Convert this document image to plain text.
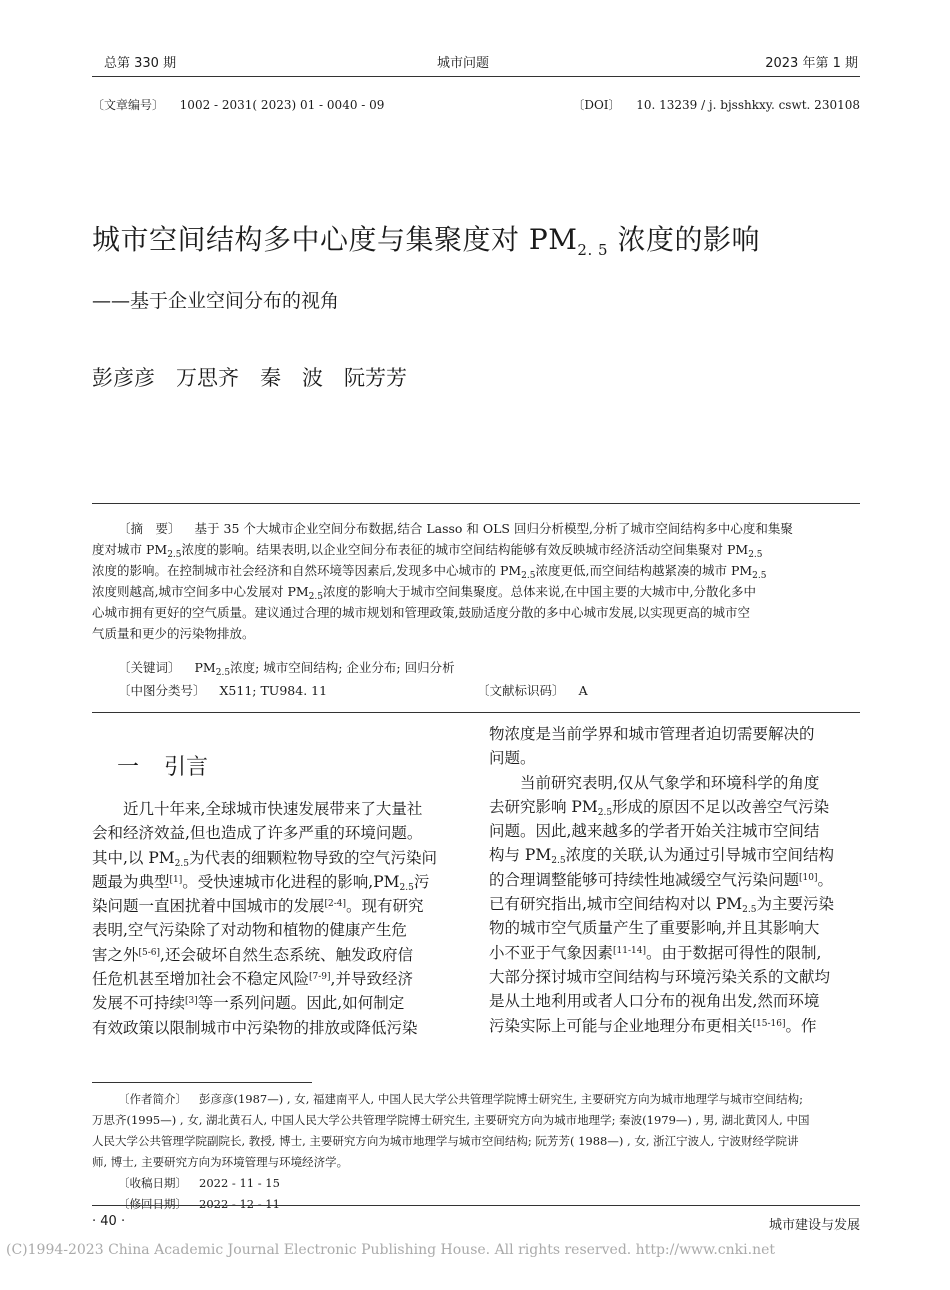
总第 330 期	城市问题	2023 年第 1 期
〔文章编号〕 1002 - 2031( 2023) 01 - 0040 - 09	〔DOI〕 10. 13239 / j. bjsshkxy. cswt. 230108
城市空间结构多中心度与集聚度对 $PM_{2. 5}$ 浓度的影响
——基于企业空间分布的视角
彭彦彦　万思齐　秦　波　阮芳芳
〔摘　要〕 基于 35 个大城市企业空间分布数据,结合 Lasso 和 OLS 回归分析模型,分析了城市空间结构多中心度和集聚
度对城市 $PM_{2.5}$浓度的影响。结果表明,以企业空间分布表征的城市空间结构能够有效反映城市经济活动空间集聚对 $PM_{2.5}$
浓度的影响。在控制城市社会经济和自然环境等因素后,发现多中心城市的 $PM_{2.5}$浓度更低,而空间结构越紧凑的城市 $PM_{2.5}$
浓度则越高,城市空间多中心发展对 $PM_{2.5}$浓度的影响大于城市空间集聚度。总体来说,在中国主要的大城市中,分散化多中
心城市拥有更好的空气质量。建议通过合理的城市规划和管理政策,鼓励适度分散的多中心城市发展,以实现更高的城市空
气质量和更少的污染物排放。
〔关键词〕 $PM_{2.5}$浓度; 城市空间结构; 企业分布; 回归分析
〔中图分类号〕 X511; TU984. 11	〔文献标识码〕 A
一 引言

近几十年来,全球城市快速发展带来了大量社

会和经济效益,但也造成了许多严重的环境问题。

其中,以 $PM_{2.5}$为代表的细颗粒物导致的空气污染问

题最为典型[1]。受快速城市化进程的影响$,PM_{2.5}$污

染问题一直困扰着中国城市的发展[2-4]。现有研究

表明,空气污染除了对动物和植物的健康产生危

害之外[5-6],还会破坏自然生态系统、触发政府信

任危机甚至增加社会不稳定风险[7-9],并导致经济

发展不可持续[3]等一系列问题。因此,如何制定

有效政策以限制城市中污染物的排放或降低污染

物浓度是当前学界和城市管理者迫切需要解决的

问题。

当前研究表明,仅从气象学和环境科学的角度

去研究影响 $PM_{2.5}$形成的原因不足以改善空气污染

问题。因此,越来越多的学者开始关注城市空间结

构与 $PM_{2.5}$浓度的关联,认为通过引导城市空间结构

的合理调整能够可持续性地减缓空气污染问题[10]。

已有研究指出,城市空间结构对以 $PM_{2.5}$为主要污染

物的城市空气质量产生了重要影响,并且其影响大

小不亚于气象因素[11-14]。由于数据可得性的限制,

大部分探讨城市空间结构与环境污染关系的文献均

是从土地利用或者人口分布的视角出发,然而环境

污染实际上可能与企业地理分布更相关[15-16]。作

〔作者简介〕 彭彦彦(1987—) , 女, 福建南平人, 中国人民大学公共管理学院博士研究生, 主要研究方向为城市地理学与城市空间结构;

万思齐(1995—) , 女, 湖北黄石人, 中国人民大学公共管理学院博士研究生, 主要研究方向为城市地理学; 秦波(1979—) , 男, 湖北黄冈人, 中国

人民大学公共管理学院副院长, 教授, 博士, 主要研究方向为城市地理学与城市空间结构; 阮芳芳( 1988—) , 女, 浙江宁波人, 宁波财经学院讲

师, 博士, 主要研究方向为环境管理与环境经济学。

〔收稿日期〕 2022 - 11 - 15

〔修回日期〕 2022 - 12 - 11

· 40 ·	城市建设与发展
(C)1994-2023 China Academic Journal Electronic Publishing House. All rights reserved. http://www.cnki.net
